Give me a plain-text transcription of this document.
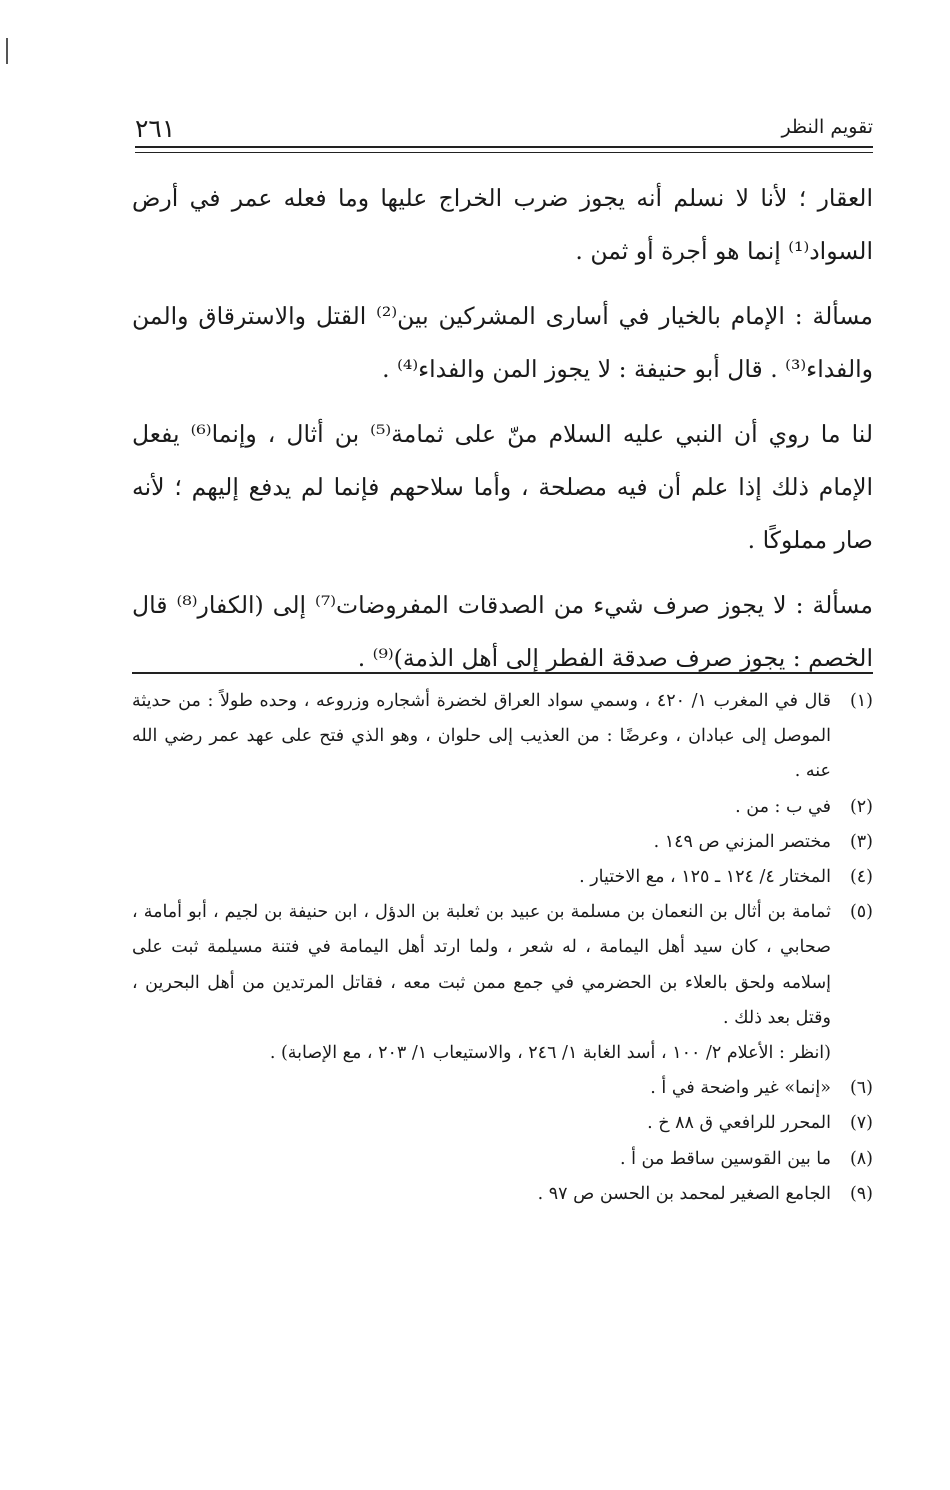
٢٦١	تقويم النظر

العقار ؛ لأنا لا نسلم أنه يجوز ضرب الخراج عليها وما فعله عمر في أرض السواد⁽¹⁾ إنما هو أجرة أو ثمن .

مسألة : الإمام بالخيار في أسارى المشركين بين⁽²⁾ القتل والاسترقاق والمن والفداء⁽³⁾ . قال أبو حنيفة : لا يجوز المن والفداء⁽⁴⁾ .

لنا ما روي أن النبي عليه السلام منّ على ثمامة⁽⁵⁾ بن أثال ، وإنما⁽⁶⁾ يفعل الإمام ذلك إذا علم أن فيه مصلحة ، وأما سلاحهم فإنما لم يدفع إليهم ؛ لأنه صار مملوكًا .

مسألة : لا يجوز صرف شيء من الصدقات المفروضات⁽⁷⁾ إلى (الكفار⁽⁸⁾ قال الخصم : يجوز صرف صدقة الفطر إلى أهل الذمة)⁽⁹⁾ .

(١)
قال في المغرب ١/ ٤٢٠ ، وسمي سواد العراق لخضرة أشجاره وزروعه ، وحده طولاً : من حديثة الموصل إلى عبادان ، وعرضًا : من العذيب إلى حلوان ، وهو الذي فتح على عهد عمر رضي الله عنه .
(٢)
في ب : من .
(٣)
مختصر المزني ص ١٤٩ .
(٤)
المختار ٤/ ١٢٤ ـ ١٢٥ ، مع الاختيار .
(٥)
ثمامة بن أثال بن النعمان بن مسلمة بن عبيد بن ثعلبة بن الدؤل ، ابن حنيفة بن لجيم ، أبو أمامة ، صحابي ، كان سيد أهل اليمامة ، له شعر ، ولما ارتد أهل اليمامة في فتنة مسيلمة ثبت على إسلامه ولحق بالعلاء بن الحضرمي في جمع ممن ثبت معه ، فقاتل المرتدين من أهل البحرين ، وقتل بعد ذلك .
(انظر : الأعلام ٢/ ١٠٠ ، أسد الغابة ١/ ٢٤٦ ، والاستيعاب ١/ ٢٠٣ ، مع الإصابة) .
(٦)
«إنما» غير واضحة في أ .
(٧)
المحرر للرافعي ق ٨٨ خ .
(٨)
ما بين القوسين ساقط من أ .
(٩)
الجامع الصغير لمحمد بن الحسن ص ٩٧ .
